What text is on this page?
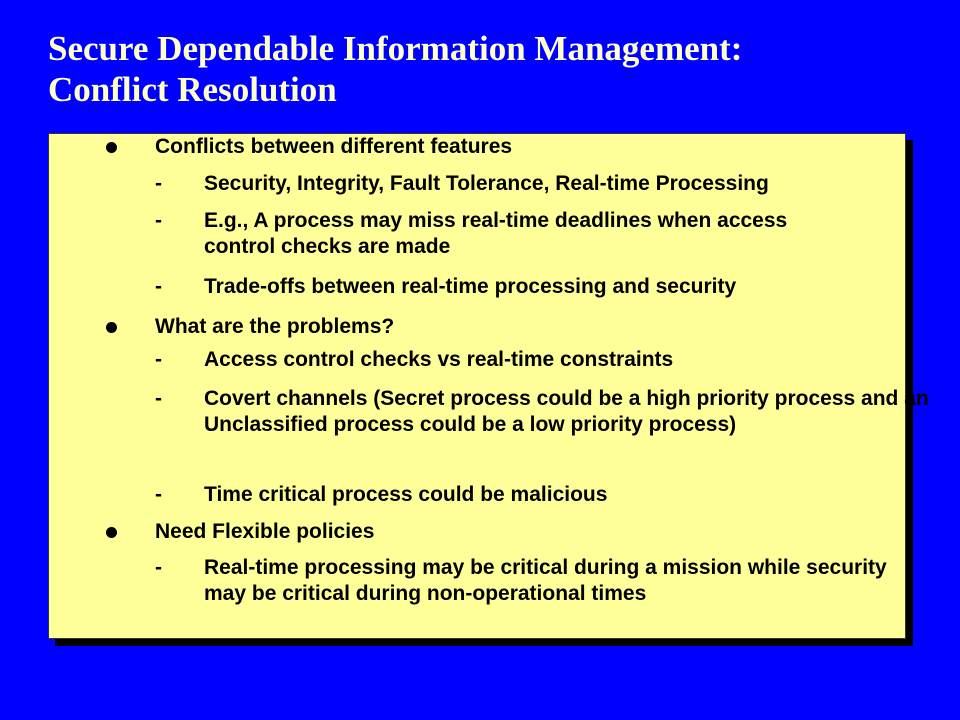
Secure Dependable Information Management:
Conflict Resolution
Conflicts between different features
- Security, Integrity, Fault Tolerance, Real-time Processing
- E.g., A process may miss real-time deadlines when access control checks are made
- Trade-offs between real-time processing and security
What are the problems?
- Access control checks vs real-time constraints
- Covert channels (Secret process could be a high priority process and an Unclassified process could be a low priority process)
- Time critical process could be malicious
Need Flexible policies
- Real-time processing may be critical during a mission while security may be critical during non-operational times
